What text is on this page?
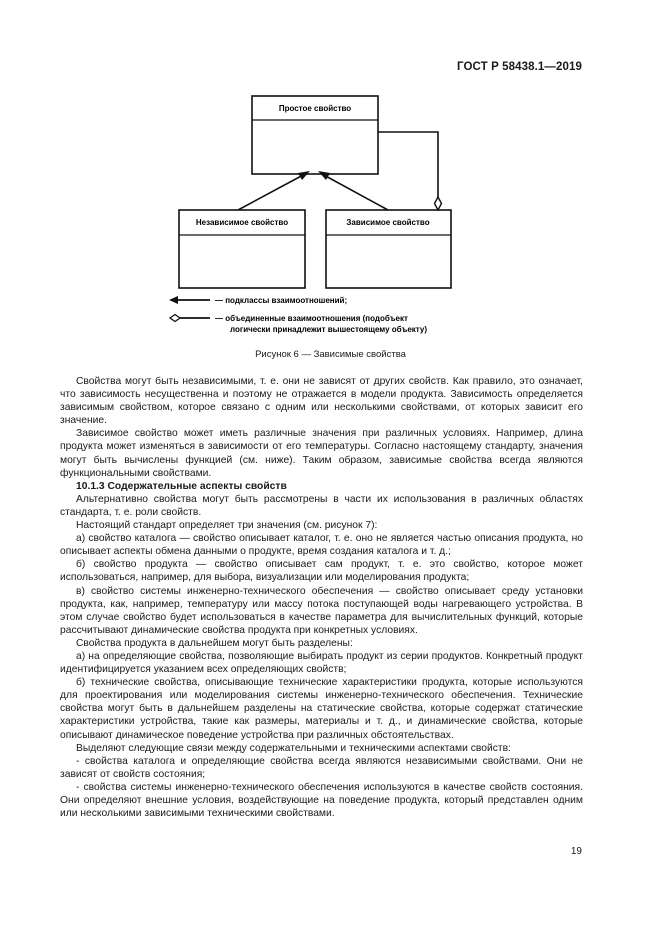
ГОСТ Р 58438.1—2019
Простое свойство
Независимое свойство	Зависимое свойство
— подклассы взаимоотношений;
— объединенные взаимоотношения (подобъект
логически принадлежит вышестоящему объекту)
Рисунок 6 — Зависимые свойства

Свойства могут быть независимыми, т. е. они не зависят от других свойств. Как правило, это означает, что зависимость несущественна и поэтому не отражается в модели продукта. Зависимость определяется зависимым свойством, которое связано с одним или несколькими свойствами, от которых зависит его значение.

Зависимое свойство может иметь различные значения при различных условиях. Например, длина продукта может изменяться в зависимости от его температуры. Согласно настоящему стандарту, значения могут быть вычислены функцией (см. ниже). Таким образом, зависимые свойства всегда являются функциональными свойствами.

10.1.3 Содержательные аспекты свойств

Альтернативно свойства могут быть рассмотрены в части их использования в различных областях стандарта, т. е. роли свойств.

Настоящий стандарт определяет три значения (см. рисунок 7):

а) свойство каталога — свойство описывает каталог, т. е. оно не является частью описания продукта, но описывает аспекты обмена данными о продукте, время создания каталога и т. д.;

б) свойство продукта — свойство описывает сам продукт, т. е. это свойство, которое может использоваться, например, для выбора, визуализации или моделирования продукта;

в) свойство системы инженерно-технического обеспечения — свойство описывает среду установки продукта, как, например, температуру или массу потока поступающей воды нагревающего устройства. В этом случае свойство будет использоваться в качестве параметра для вычислительных функций, которые рассчитывают динамические свойства продукта при конкретных условиях.

Свойства продукта в дальнейшем могут быть разделены:

а) на определяющие свойства, позволяющие выбирать продукт из серии продуктов. Конкретный продукт идентифицируется указанием всех определяющих свойств;

б) технические свойства, описывающие технические характеристики продукта, которые используются для проектирования или моделирования системы инженерно-технического обеспечения. Технические свойства могут быть в дальнейшем разделены на статические свойства, которые содержат статические характеристики устройства, такие как размеры, материалы и т. д., и динамические свойства, которые описывают динамическое поведение устройства при различных обстоятельствах.

Выделяют следующие связи между содержательными и техническими аспектами свойств:

- свойства каталога и определяющие свойства всегда являются независимыми свойствами. Они не зависят от свойств состояния;

- свойства системы инженерно-технического обеспечения используются в качестве свойств состояния. Они определяют внешние условия, воздействующие на поведение продукта, который представлен одним или несколькими зависимыми техническими свойствами.

19
